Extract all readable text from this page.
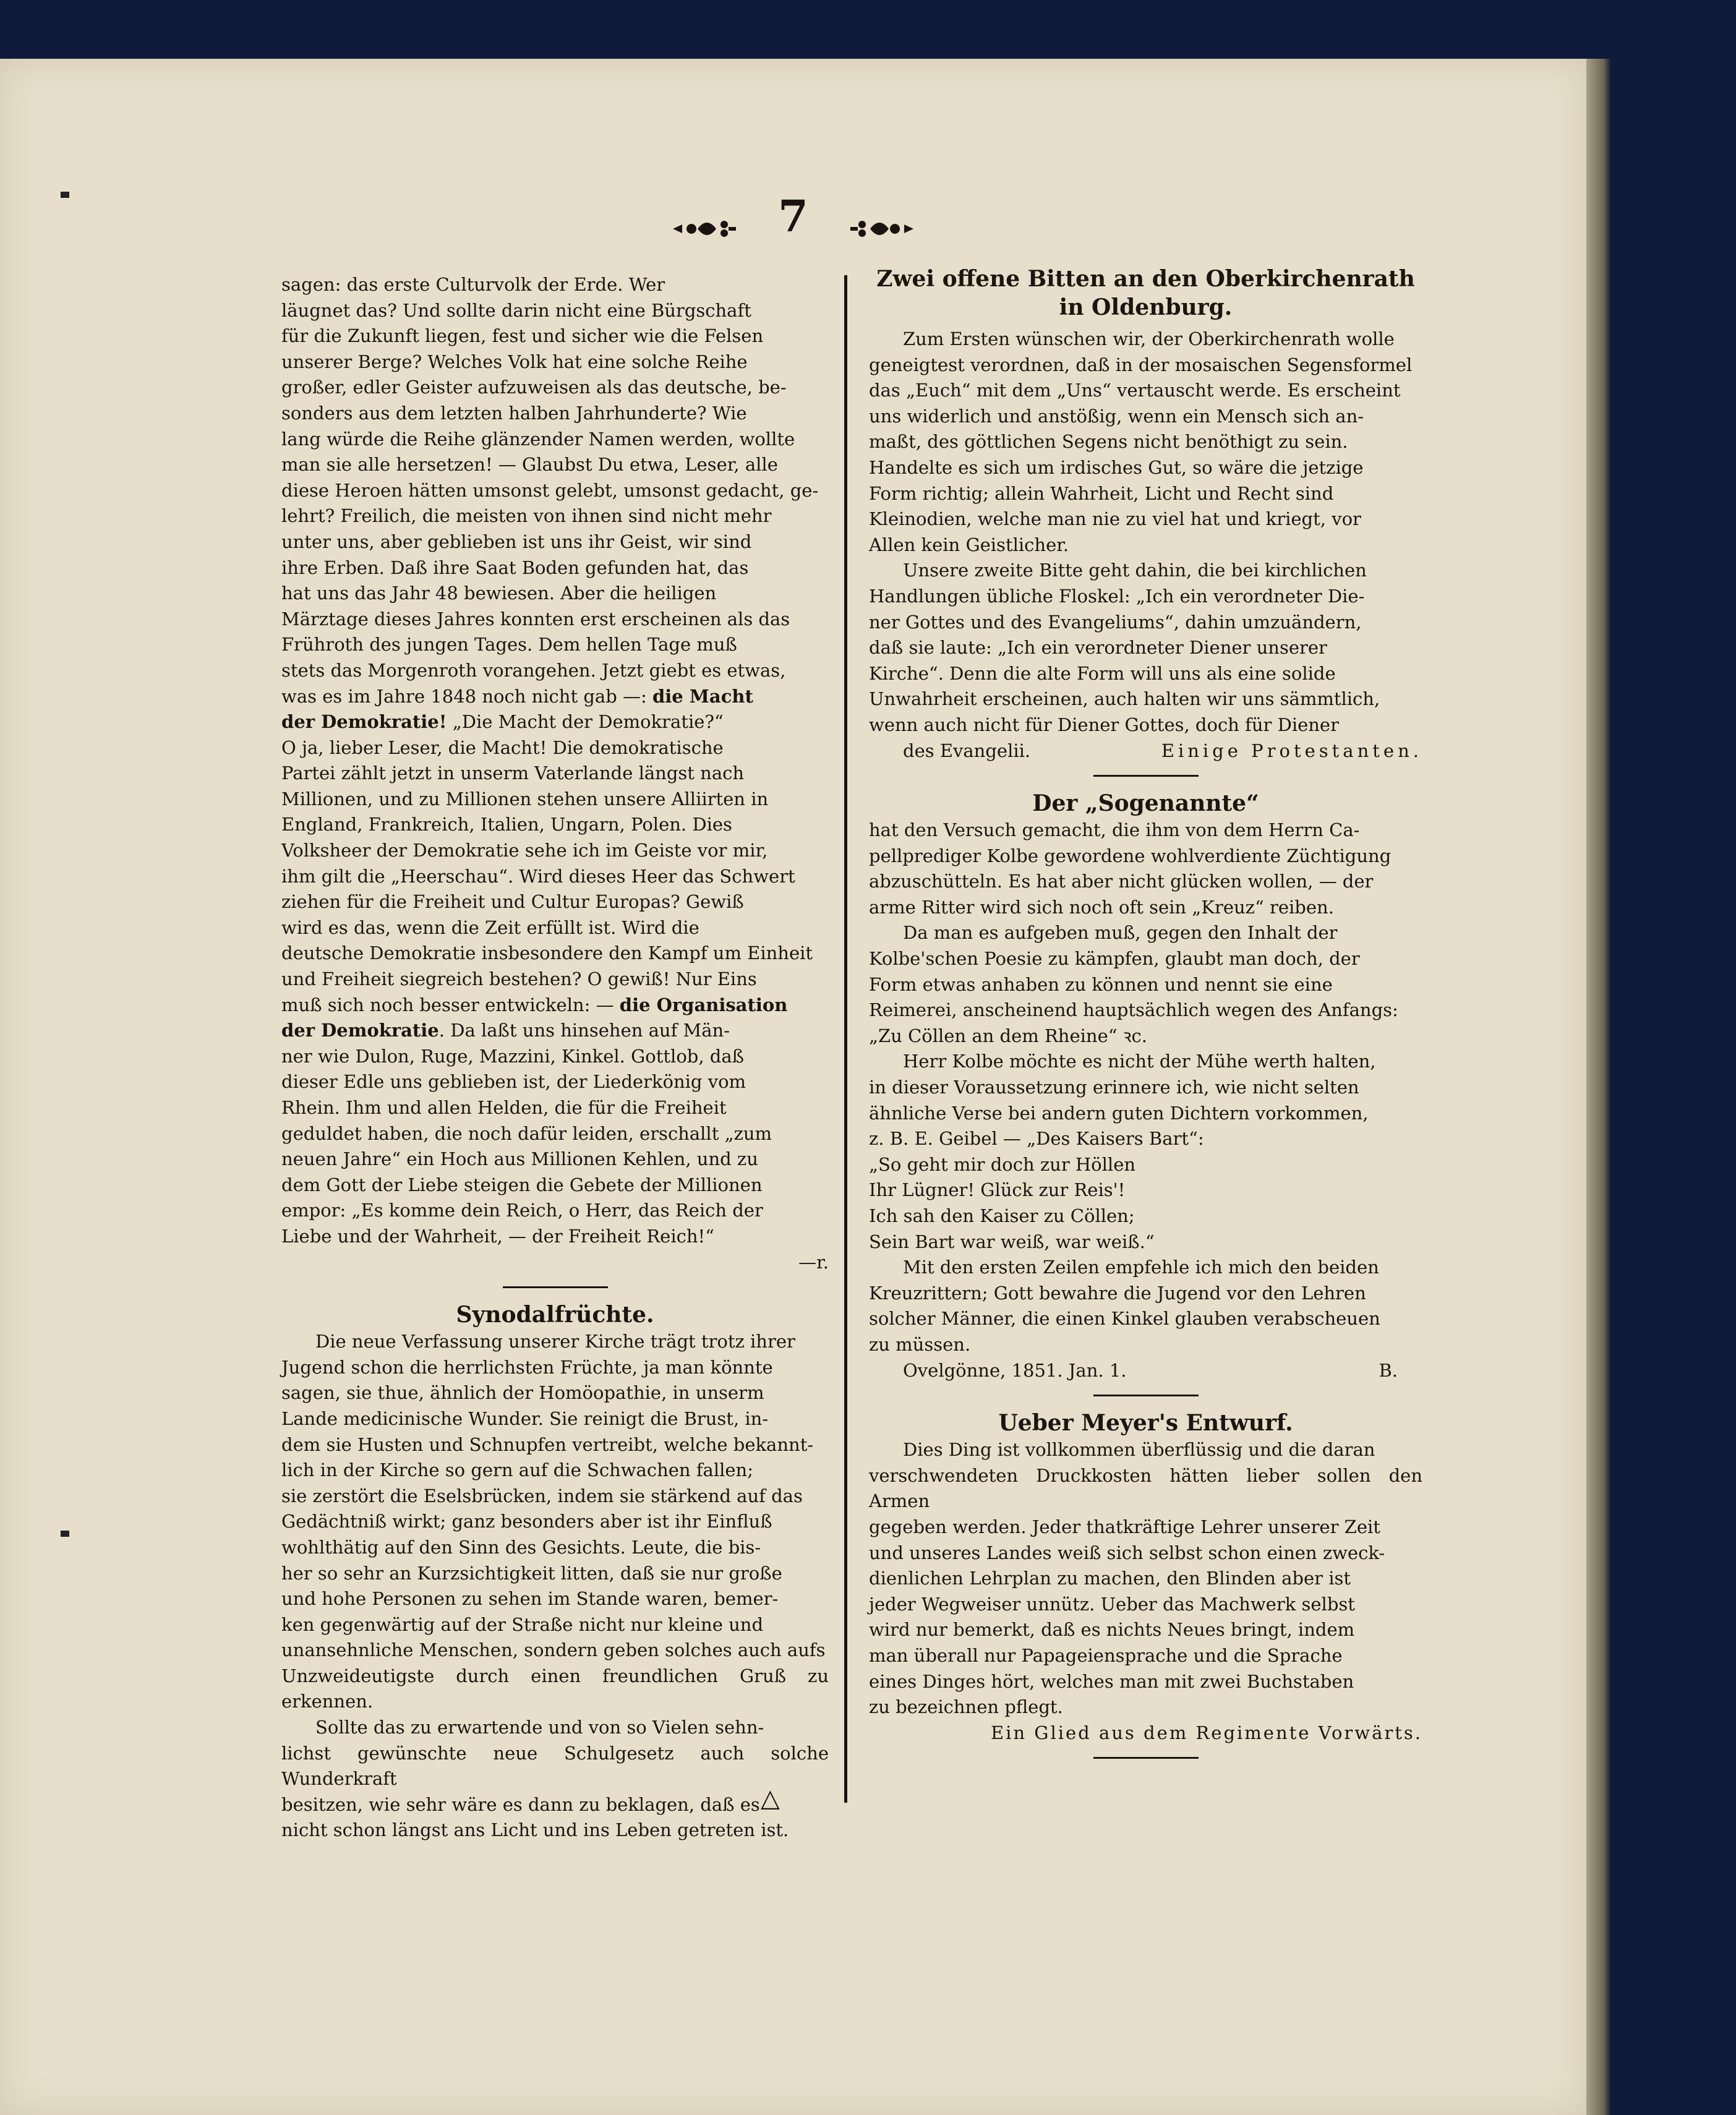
7

sagen: das erste Culturvolk der Erde. Wer

läugnet das? Und sollte darin nicht eine Bürgschaft

für die Zukunft liegen, fest und sicher wie die Felsen

unserer Berge? Welches Volk hat eine solche Reihe

großer, edler Geister aufzuweisen als das deutsche, be-

sonders aus dem letzten halben Jahrhunderte? Wie

lang würde die Reihe glänzender Namen werden, wollte

man sie alle hersetzen! — Glaubst Du etwa, Leser, alle

diese Heroen hätten umsonst gelebt, umsonst gedacht, ge-

lehrt? Freilich, die meisten von ihnen sind nicht mehr

unter uns, aber geblieben ist uns ihr Geist, wir sind

ihre Erben. Daß ihre Saat Boden gefunden hat, das

hat uns das Jahr 48 bewiesen. Aber die heiligen

Märztage dieses Jahres konnten erst erscheinen als das

Frühroth des jungen Tages. Dem hellen Tage muß

stets das Morgenroth vorangehen. Jetzt giebt es etwas,

was es im Jahre 1848 noch nicht gab —: die Macht

der Demokratie! „Die Macht der Demokratie?“

O ja, lieber Leser, die Macht! Die demokratische

Partei zählt jetzt in unserm Vaterlande längst nach

Millionen, und zu Millionen stehen unsere Alliirten in

England, Frankreich, Italien, Ungarn, Polen. Dies

Volksheer der Demokratie sehe ich im Geiste vor mir,

ihm gilt die „Heerschau“. Wird dieses Heer das Schwert

ziehen für die Freiheit und Cultur Europas? Gewiß

wird es das, wenn die Zeit erfüllt ist. Wird die

deutsche Demokratie insbesondere den Kampf um Einheit

und Freiheit siegreich bestehen? O gewiß! Nur Eins

muß sich noch besser entwickeln: — die Organisation

der Demokratie. Da laßt uns hinsehen auf Män-

ner wie Dulon, Ruge, Mazzini, Kinkel. Gottlob, daß

dieser Edle uns geblieben ist, der Liederkönig vom

Rhein. Ihm und allen Helden, die für die Freiheit

geduldet haben, die noch dafür leiden, erschallt „zum

neuen Jahre“ ein Hoch aus Millionen Kehlen, und zu

dem Gott der Liebe steigen die Gebete der Millionen

empor: „Es komme dein Reich, o Herr, das Reich der

Liebe und der Wahrheit, — der Freiheit Reich!“

—r.

Synodalfrüchte.

Die neue Verfassung unserer Kirche trägt trotz ihrer

Jugend schon die herrlichsten Früchte, ja man könnte

sagen, sie thue, ähnlich der Homöopathie, in unserm

Lande medicinische Wunder. Sie reinigt die Brust, in-

dem sie Husten und Schnupfen vertreibt, welche bekannt-

lich in der Kirche so gern auf die Schwachen fallen;

sie zerstört die Eselsbrücken, indem sie stärkend auf das

Gedächtniß wirkt; ganz besonders aber ist ihr Einfluß

wohlthätig auf den Sinn des Gesichts. Leute, die bis-

her so sehr an Kurzsichtigkeit litten, daß sie nur große

und hohe Personen zu sehen im Stande waren, bemer-

ken gegenwärtig auf der Straße nicht nur kleine und

unansehnliche Menschen, sondern geben solches auch aufs

Unzweideutigste durch einen freundlichen Gruß zu erkennen.

Sollte das zu erwartende und von so Vielen sehn-

lichst gewünschte neue Schulgesetz auch solche Wunderkraft

besitzen, wie sehr wäre es dann zu beklagen, daß es

nicht schon längst ans Licht und ins Leben getreten ist.

△

Zwei offene Bitten an den Oberkirchenrath

in Oldenburg.

Zum Ersten wünschen wir, der Oberkirchenrath wolle

geneigtest verordnen, daß in der mosaischen Segensformel

das „Euch“ mit dem „Uns“ vertauscht werde. Es erscheint

uns widerlich und anstößig, wenn ein Mensch sich an-

maßt, des göttlichen Segens nicht benöthigt zu sein.

Handelte es sich um irdisches Gut, so wäre die jetzige

Form richtig; allein Wahrheit, Licht und Recht sind

Kleinodien, welche man nie zu viel hat und kriegt, vor

Allen kein Geistlicher.

Unsere zweite Bitte geht dahin, die bei kirchlichen

Handlungen übliche Floskel: „Ich ein verordneter Die-

ner Gottes und des Evangeliums“, dahin umzuändern,

daß sie laute: „Ich ein verordneter Diener unserer

Kirche“. Denn die alte Form will uns als eine solide

Unwahrheit erscheinen, auch halten wir uns sämmtlich,

wenn auch nicht für Diener Gottes, doch für Diener

des Evangelii.	Einige Protestanten.

Der „Sogenannte“

hat den Versuch gemacht, die ihm von dem Herrn Ca-

pellprediger Kolbe gewordene wohlverdiente Züchtigung

abzuschütteln. Es hat aber nicht glücken wollen, — der

arme Ritter wird sich noch oft sein „Kreuz“ reiben.

Da man es aufgeben muß, gegen den Inhalt der

Kolbe'schen Poesie zu kämpfen, glaubt man doch, der

Form etwas anhaben zu können und nennt sie eine

Reimerei, anscheinend hauptsächlich wegen des Anfangs:

„Zu Cöllen an dem Rheine“ ꝛc.

Herr Kolbe möchte es nicht der Mühe werth halten,

in dieser Voraussetzung erinnere ich, wie nicht selten

ähnliche Verse bei andern guten Dichtern vorkommen,

z. B. E. Geibel — „Des Kaisers Bart“:

„So geht mir doch zur Höllen

Ihr Lügner! Glück zur Reis'!

Ich sah den Kaiser zu Cöllen;

Sein Bart war weiß, war weiß.“

Mit den ersten Zeilen empfehle ich mich den beiden

Kreuzrittern; Gott bewahre die Jugend vor den Lehren

solcher Männer, die einen Kinkel glauben verabscheuen

zu müssen.

Ovelgönne, 1851. Jan. 1.	B.

Ueber Meyer's Entwurf.

Dies Ding ist vollkommen überflüssig und die daran

verschwendeten Druckkosten hätten lieber sollen den Armen

gegeben werden. Jeder thatkräftige Lehrer unserer Zeit

und unseres Landes weiß sich selbst schon einen zweck-

dienlichen Lehrplan zu machen, den Blinden aber ist

jeder Wegweiser unnütz. Ueber das Machwerk selbst

wird nur bemerkt, daß es nichts Neues bringt, indem

man überall nur Papageiensprache und die Sprache

eines Dinges hört, welches man mit zwei Buchstaben

zu bezeichnen pflegt.

Ein Glied aus dem Regimente Vorwärts.
